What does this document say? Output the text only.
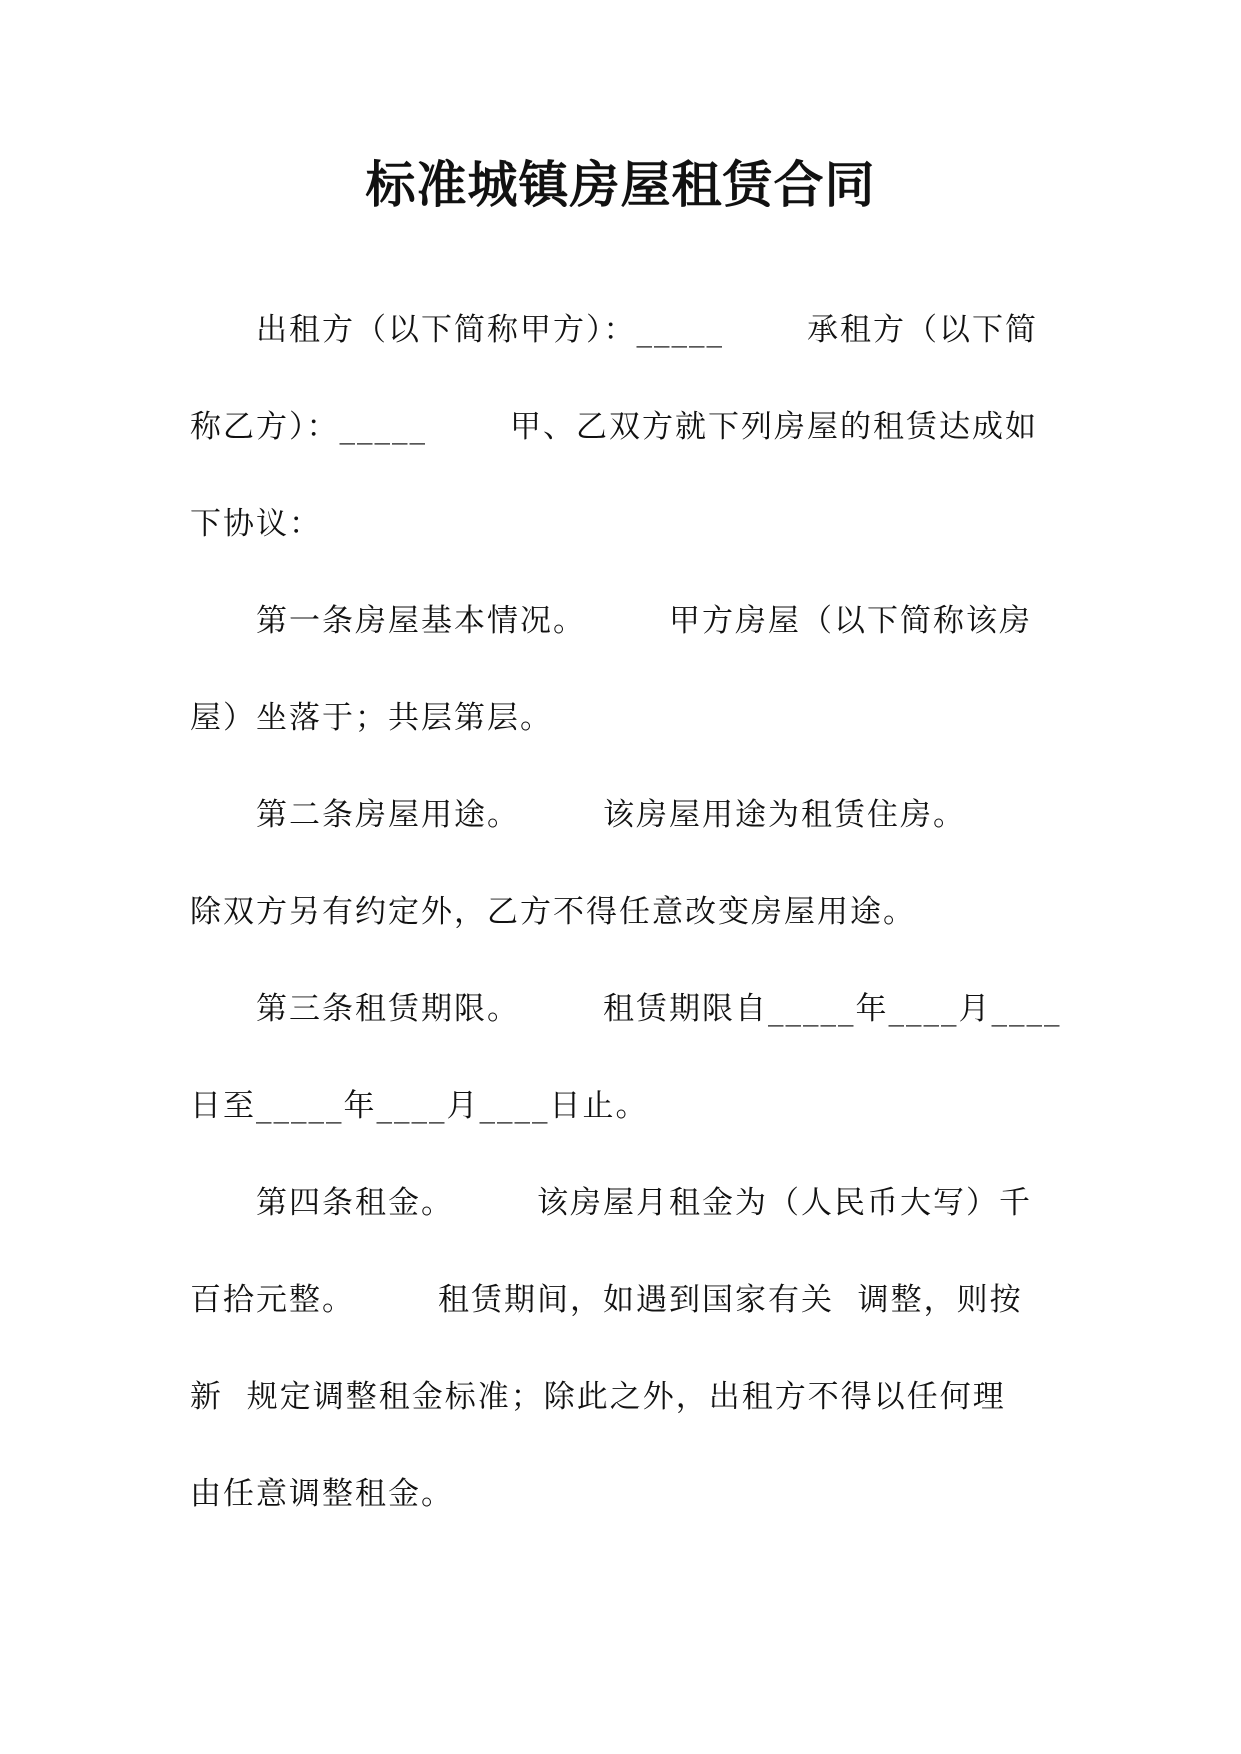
标准城镇房屋租赁合同
出租方（以下简称甲方）：_____       承租方（以下简
称乙方）：_____       甲、乙双方就下列房屋的租赁达成如
下协议：
第一条房屋基本情况。       甲方房屋（以下简称该房
屋）坐落于；共层第层。
第二条房屋用途。       该房屋用途为租赁住房。
除双方另有约定外，乙方不得任意改变房屋用途。
第三条租赁期限。       租赁期限自_____年____月____
日至_____年____月____日止。
第四条租金。       该房屋月租金为（人民币大写）千
百拾元整。       租赁期间，如遇到国家有关  调整，则按
新  规定调整租金标准；除此之外，出租方不得以任何理
由任意调整租金。
